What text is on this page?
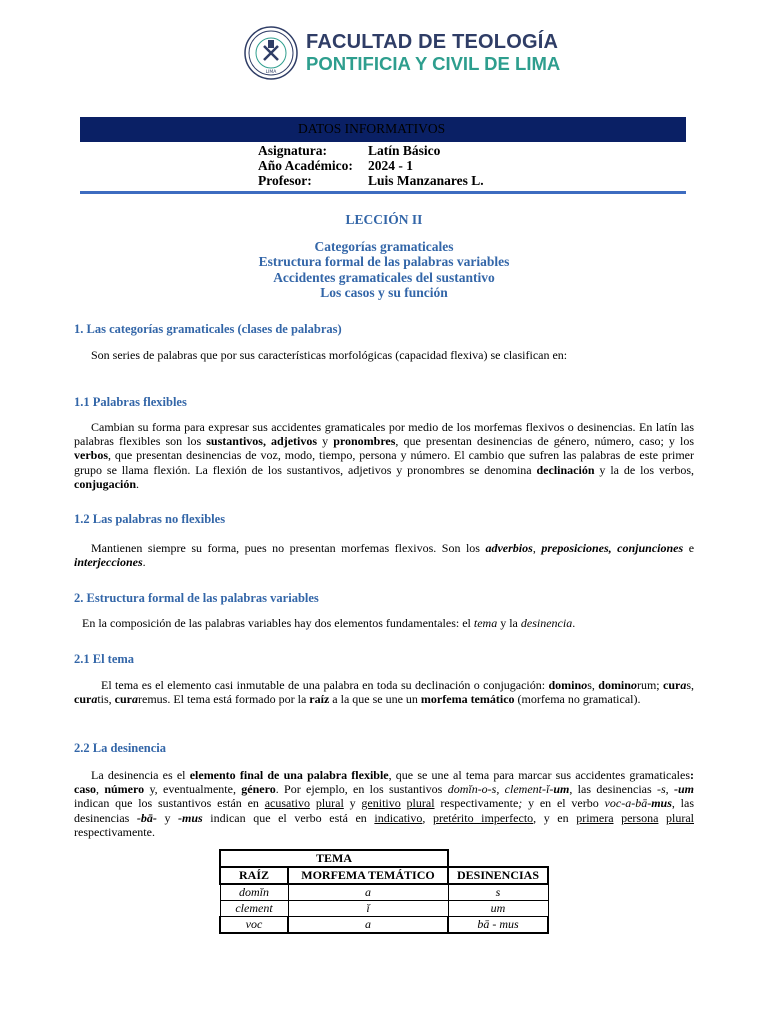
LIMA
FACULTAD DE TEOLOGÍA
PONTIFICIA Y CIVIL DE LIMA
DATOS INFORMATIVOS
Asignatura:	Latín Básico
Año Académico:	2024 - 1
Profesor:	Luis Manzanares L.
LECCIÓN II
Categorías gramaticales
Estructura formal de las palabras variables
Accidentes gramaticales del sustantivo
Los casos y su función
1. Las categorías gramaticales (clases de palabras)
Son series de palabras que por sus características morfológicas (capacidad flexiva) se clasifican en:
1.1 Palabras flexibles
Cambian su forma para expresar sus accidentes gramaticales por medio de los morfemas flexivos o desinencias. En latín las palabras flexibles son los sustantivos, adjetivos y pronombres, que presentan desinencias de género, número, caso; y los verbos, que presentan desinencias de voz, modo, tiempo, persona y número. El cambio que sufren las palabras de este primer grupo se llama flexión. La flexión de los sustantivos, adjetivos y pronombres se denomina declinación y la de los verbos, conjugación.
1.2 Las palabras no flexibles
Mantienen siempre su forma, pues no presentan morfemas flexivos. Son los adverbios, preposiciones, conjunciones e interjecciones.
2. Estructura formal de las palabras variables
En la composición de las palabras variables hay dos elementos fundamentales: el tema y la desinencia.
2.1 El tema
El tema es el elemento casi inmutable de una palabra en toda su declinación o conjugación: dominos, dominorum; curas, curatis, curaremus. El tema está formado por la raíz a la que se une un morfema temático (morfema no gramatical).
2.2 La desinencia
La desinencia es el elemento final de una palabra flexible, que se une al tema para marcar sus accidentes gramaticales: caso, número y, eventualmente, género. Por ejemplo, en los sustantivos domĭn-o-s, clement-ĭ-um, las desinencias -s, -um indican que los sustantivos están en acusativo plural y genitivo plural respectivamente; y en el verbo voc-a-bā-mus, las desinencias -bā- y -mus indican que el verbo está en indicativo, pretérito imperfecto, y en primera persona plural respectivamente.
TEMA		
RAÍZ	MORFEMA TEMÁTICO	DESINENCIAS
domĭn	a	s
clement	ĭ	um
voc	a	bā - mus
